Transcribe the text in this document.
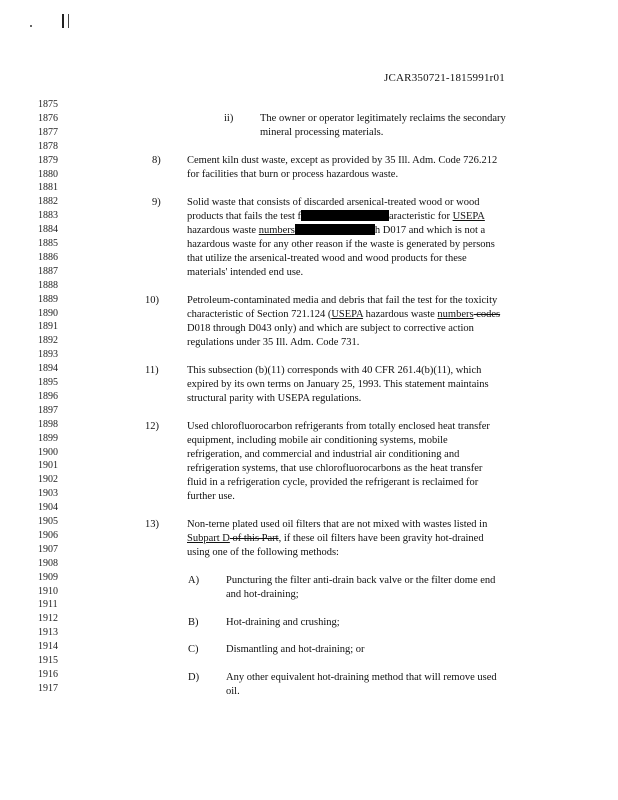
JCAR350721-1815991r01
1875
1876
1877
1878
1879
1880
1881
1882
1883
1884
1885
1886
1887
1888
1889
1890
1891
1892
1893
1894
1895
1896
1897
1898
1899
1900
1901
1902
1903
1904
1905
1906
1907
1908
1909
1910
1911
1912
1913
1914
1915
1916
1917
ii)	The owner or operator legitimately reclaims the secondary
mineral processing materials.
8)	Cement kiln dust waste, except as provided by 35 Ill. Adm. Code 726.212
for facilities that burn or process hazardous waste.
9)	Solid waste that consists of discarded arsenical-treated wood or wood
products that fails the test f	aracteristic for USEPA
hazardous waste numbers	h D017 and which is not a
hazardous waste for any other reason if the waste is generated by persons
that utilize the arsenical-treated wood and wood products for these
materials' intended end use.
10)	Petroleum-contaminated media and debris that fail the test for the toxicity
characteristic of Section 721.124 (USEPA hazardous waste numbers codes
D018 through D043 only) and which are subject to corrective action
regulations under 35 Ill. Adm. Code 731.
11)	This subsection (b)(11) corresponds with 40 CFR 261.4(b)(11), which
expired by its own terms on January 25, 1993. This statement maintains
structural parity with USEPA regulations.
12)	Used chlorofluorocarbon refrigerants from totally enclosed heat transfer
equipment, including mobile air conditioning systems, mobile
refrigeration, and commercial and industrial air conditioning and
refrigeration systems, that use chlorofluorocarbons as the heat transfer
fluid in a refrigeration cycle, provided the refrigerant is reclaimed for
further use.
13)	Non-terne plated used oil filters that are not mixed with wastes listed in
Subpart D of this Part, if these oil filters have been gravity hot-drained
using one of the following methods:
A)	Puncturing the filter anti-drain back valve or the filter dome end
and hot-draining;
B)	Hot-draining and crushing;
C)	Dismantling and hot-draining; or
D)	Any other equivalent hot-draining method that will remove used
oil.
